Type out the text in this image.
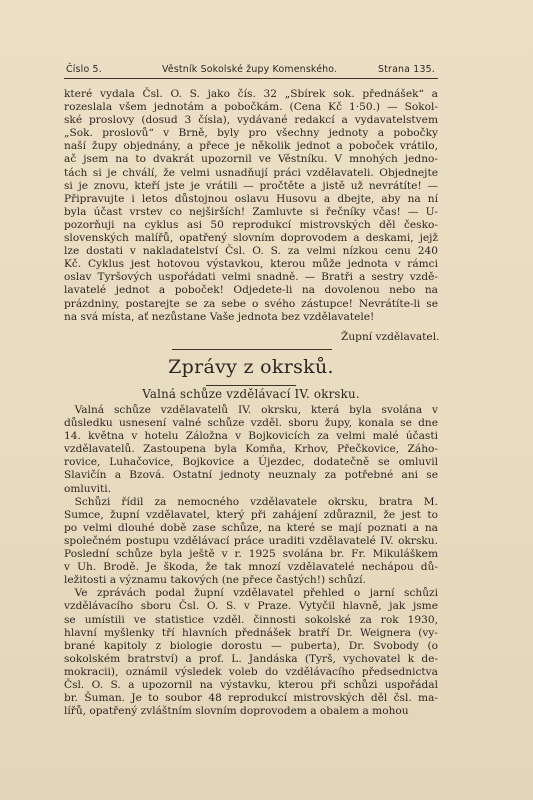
Číslo 5.	Věstník Sokolské župy Komenského.	Strana 135.
které vydala Čsl. O. S. jako čís. 32 „Sbírek sok. přednášek“ a
rozeslala všem jednotám a pobočkám. (Cena Kč 1·50.) — Sokol-
ské proslovy (dosud 3 čísla), vydávané redakcí a vydavatelstvem
„Sok. proslovů“ v Brně, byly pro všechny jednoty a pobočky
naší župy objednány, a přece je několik jednot a poboček vrátilo,
ač jsem na to dvakrát upozornil ve Věstníku. V mnohých jedno-
tách si je chválí, že velmi usnadňují práci vzdělavateli. Objednejte
si je znovu, kteří jste je vrátili — pročtěte a jistě už nevrátíte! —
Připravujte i letos důstojnou oslavu Husovu a dbejte, aby na ní
byla účast vrstev co nejširších! Zamluvte si řečníky včas! — U-
pozorňuji na cyklus asi 50 reprodukcí mistrovských děl česko-
slovenských malířů, opatřený slovním doprovodem a deskami, jejž
lze dostati v nakladatelství Čsl. O. S. za velmi nízkou cenu 240
Kč. Cyklus jest hotovou výstavkou, kterou může jednota v rámci
oslav Tyršových uspořádati velmi snadně. — Bratři a sestry vzdě-
lavatelé jednot a poboček! Odjedete-li na dovolenou nebo na
prázdniny, postarejte se za sebe o svého zástupce! Nevrátíte-li se
na svá místa, ať nezůstane Vaše jednota bez vzdělavatele!
Župní vzdělavatel.
Zprávy z okrsků.
Valná schůze vzdělávací IV. okrsku.
 Valná schůze vzdělavatelů IV. okrsku, která byla svolána v
důsledku usnesení valné schůze vzděl. sboru župy, konala se dne
14. května v hotelu Záložna v Bojkovicích za velmi malé účasti
vzdělavatelů. Zastoupena byla Komňa, Krhov, Přečkovice, Záho-
rovice, Luhačovice, Bojkovice a Újezdec, dodatečně se omluvil
Slavičín a Bzová. Ostatní jednoty neuznaly za potřebné ani se
omluviti.
 Schůzi řídil za nemocného vzdělavatele okrsku, bratra M.
Sumce, župní vzdělavatel, který při zahájení zdůraznil, že jest to
po velmi dlouhé době zase schůze, na které se mají poznati a na
společném postupu vzdělávací práce uraditi vzdělavatelé IV. okrsku.
Poslední schůze byla ještě v r. 1925 svolána br. Fr. Mikuláškem
v Uh. Brodě. Je škoda, že tak mnozí vzdělavatelé nechápou dů-
ležitosti a významu takových (ne přece častých!) schůzí.
 Ve zprávách podal župní vzdělavatel přehled o jarní schůzi
vzdělávacího sboru Čsl. O. S. v Praze. Vytyčil hlavně, jak jsme
se umístili ve statistice vzděl. činnosti sokolské za rok 1930,
hlavní myšlenky tří hlavních přednášek bratří Dr. Weignera (vy-
brané kapitoly z biologie dorostu — puberta), Dr. Svobody (o
sokolském bratrství) a prof. L. Jandáska (Tyrš, vychovatel k de-
mokracii), oznámil výsledek voleb do vzdělávacího předsednictva
Čsl. O. S. a upozornil na výstavku, kterou při schůzi uspořádal
br. Šuman. Je to soubor 48 reprodukcí mistrovských děl čsl. ma-
lířů, opatřený zvláštním slovním doprovodem a obalem a mohou
